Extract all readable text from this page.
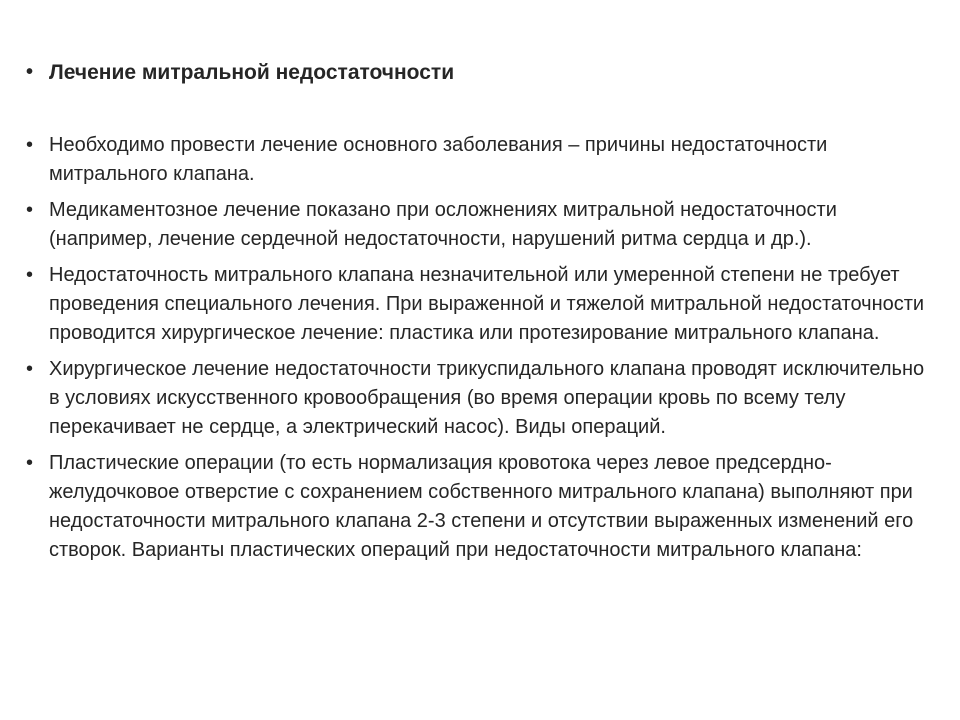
• Лечение митральной недостаточности
• Необходимо провести лечение основного заболевания – причины недостаточности митрального клапана.
• Медикаментозное лечение показано при осложнениях митральной недостаточности (например, лечение сердечной недостаточности, нарушений ритма сердца и др.).
• Недостаточность митрального клапана незначительной или умеренной степени не требует проведения специального лечения. При выраженной и тяжелой митральной недостаточности проводится хирургическое лечение: пластика или протезирование митрального клапана.
• Хирургическое лечение недостаточности трикуспидального клапана проводят исключительно в условиях искусственного кровообращения (во время операции кровь по всему телу перекачивает не сердце, а электрический насос). Виды операций.
• Пластические операции (то есть нормализация кровотока через левое предсердно-желудочковое отверстие с сохранением собственного митрального клапана) выполняют при недостаточности митрального клапана 2-3 степени и отсутствии выраженных изменений его створок. Варианты пластических операций при недостаточности митрального клапана:
